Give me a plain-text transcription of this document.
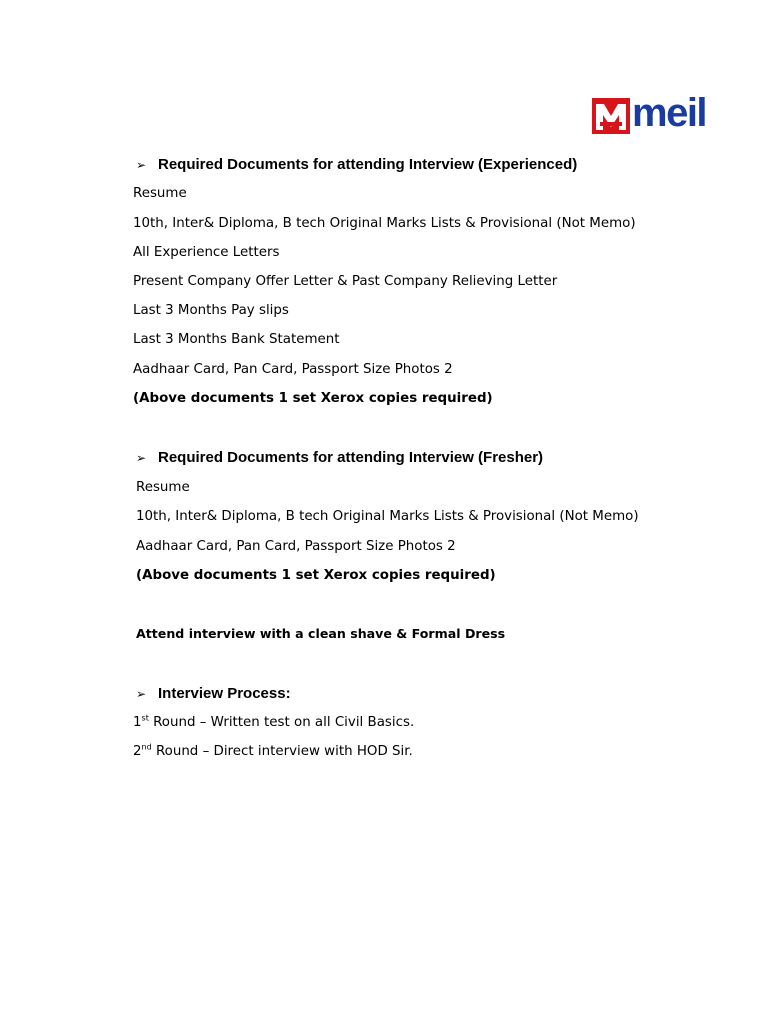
meil
➢ Required Documents for attending Interview (Experienced)
Resume
10th, Inter& Diploma, B tech Original Marks Lists & Provisional (Not Memo)
All Experience Letters
Present Company Offer Letter & Past Company Relieving Letter
Last 3 Months Pay slips
Last 3 Months Bank Statement
Aadhaar Card, Pan Card, Passport Size Photos 2
(Above documents 1 set Xerox copies required)
➢ Required Documents for attending Interview (Fresher)
Resume
10th, Inter& Diploma, B tech Original Marks Lists & Provisional (Not Memo)
Aadhaar Card, Pan Card, Passport Size Photos 2
(Above documents 1 set Xerox copies required)
Attend interview with a clean shave & Formal Dress
➢ Interview Process:
1st Round – Written test on all Civil Basics.
2nd Round – Direct interview with HOD Sir.
